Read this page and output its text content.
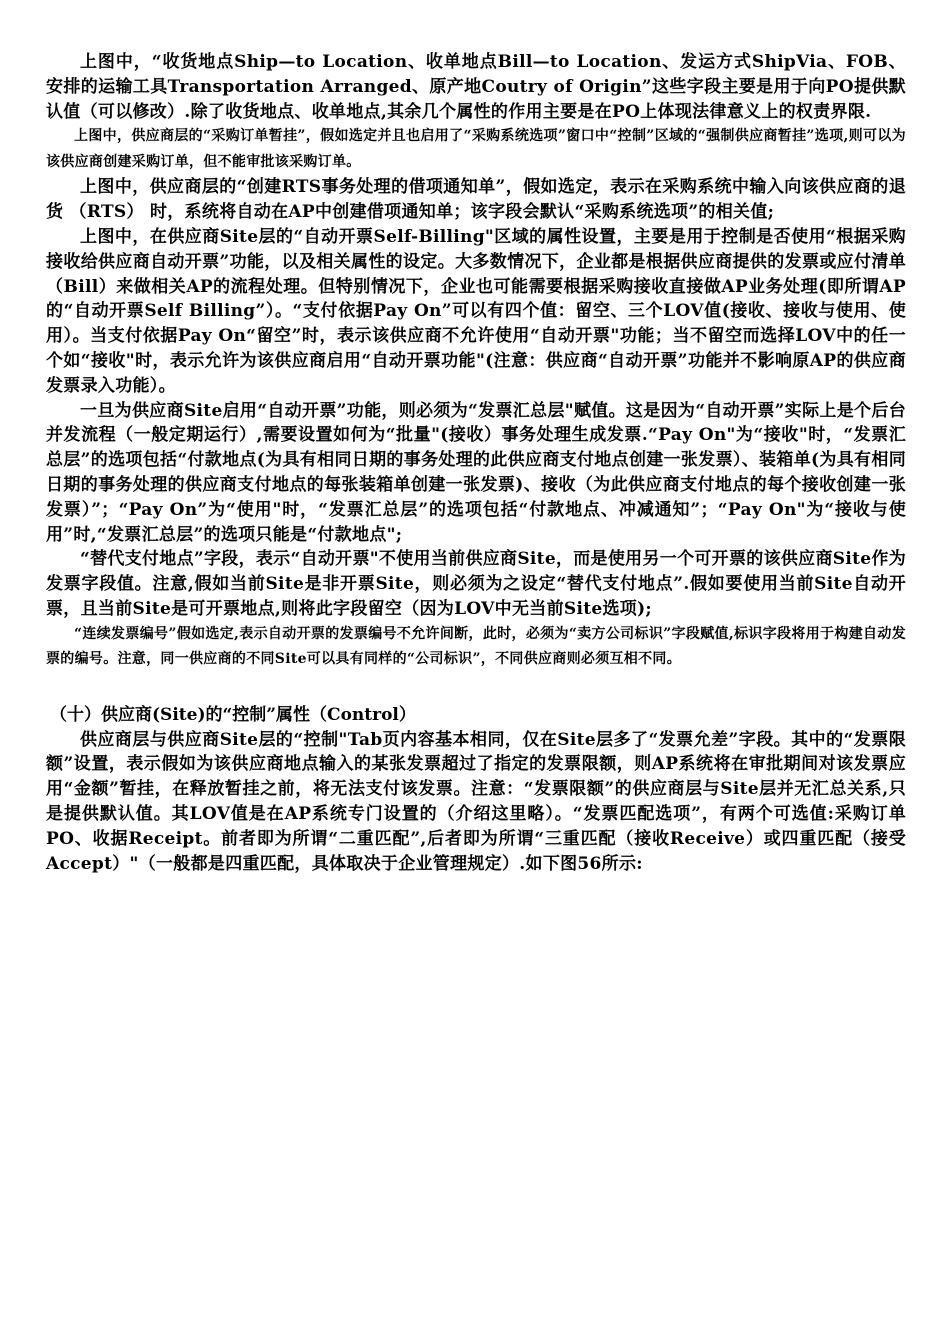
上图中，“收货地点Ship—to Location、收单地点Bill—to Location、发运方式ShipVia、FOB、安排的运输工具Transportation Arranged、原产地Coutry of Origin”这些字段主要是用于向PO提供默认值（可以修改）.除了收货地点、收单地点,其余几个属性的作用主要是在PO上体现法律意义上的权责界限.

上图中，供应商层的“采购订单暂挂”，假如选定并且也启用了“采购系统选项”窗口中“控制”区域的“强制供应商暂挂”选项,则可以为该供应商创建采购订单，但不能审批该采购订单。

上图中，供应商层的“创建RTS事务处理的借项通知单”，假如选定，表示在采购系统中输入向该供应商的退货 （RTS） 时，系统将自动在AP中创建借项通知单；该字段会默认“采购系统选项”的相关值;

上图中，在供应商Site层的“自动开票Self-Billing"区域的属性设置，主要是用于控制是否使用“根据采购接收给供应商自动开票”功能，以及相关属性的设定。大多数情况下，企业都是根据供应商提供的发票或应付清单（Bill）来做相关AP的流程处理。但特别情况下，企业也可能需要根据采购接收直接做AP业务处理(即所谓AP的“自动开票Self Billing”）。“支付依据Pay On”可以有四个值：留空、三个LOV值(接收、接收与使用、使用）。当支付依据Pay On“留空”时，表示该供应商不允许使用“自动开票"功能；当不留空而选择LOV中的任一个如“接收"时，表示允许为该供应商启用“自动开票功能"(注意：供应商“自动开票”功能并不影响原AP的供应商发票录入功能）。

一旦为供应商Site启用“自动开票”功能，则必须为“发票汇总层"赋值。这是因为“自动开票”实际上是个后台并发流程（一般定期运行）,需要设置如何为“批量"(接收）事务处理生成发票.“Pay On"为“接收"时，“发票汇总层”的选项包括“付款地点(为具有相同日期的事务处理的此供应商支付地点创建一张发票）、装箱单(为具有相同日期的事务处理的供应商支付地点的每张装箱单创建一张发票)、接收（为此供应商支付地点的每个接收创建一张发票）”；“Pay On”为“使用"时，“发票汇总层”的选项包括“付款地点、冲减通知”；“Pay On"为“接收与使用”时,“发票汇总层”的选项只能是“付款地点";

“替代支付地点”字段，表示“自动开票"不使用当前供应商Site，而是使用另一个可开票的该供应商Site作为发票字段值。注意,假如当前Site是非开票Site，则必须为之设定“替代支付地点”.假如要使用当前Site自动开票，且当前Site是可开票地点,则将此字段留空（因为LOV中无当前Site选项);

“连续发票编号”假如选定,表示自动开票的发票编号不允许间断，此时，必须为“卖方公司标识”字段赋值,标识字段将用于构建自动发票的编号。注意，同一供应商的不同Site可以具有同样的“公司标识”，不同供应商则必须互相不同。

（十）供应商(Site)的“控制”属性（Control）

供应商层与供应商Site层的“控制"Tab页内容基本相同，仅在Site层多了“发票允差”字段。其中的“发票限额”设置，表示假如为该供应商地点输入的某张发票超过了指定的发票限额，则AP系统将在审批期间对该发票应用“金额”暂挂，在释放暂挂之前，将无法支付该发票。注意：“发票限额”的供应商层与Site层并无汇总关系,只是提供默认值。其LOV值是在AP系统专门设置的（介绍这里略）。“发票匹配选项”，有两个可选值:采购订单PO、收据Receipt。前者即为所谓“二重匹配”,后者即为所谓“三重匹配（接收Receive）或四重匹配（接受Accept）"（一般都是四重匹配，具体取决于企业管理规定）.如下图56所示:
